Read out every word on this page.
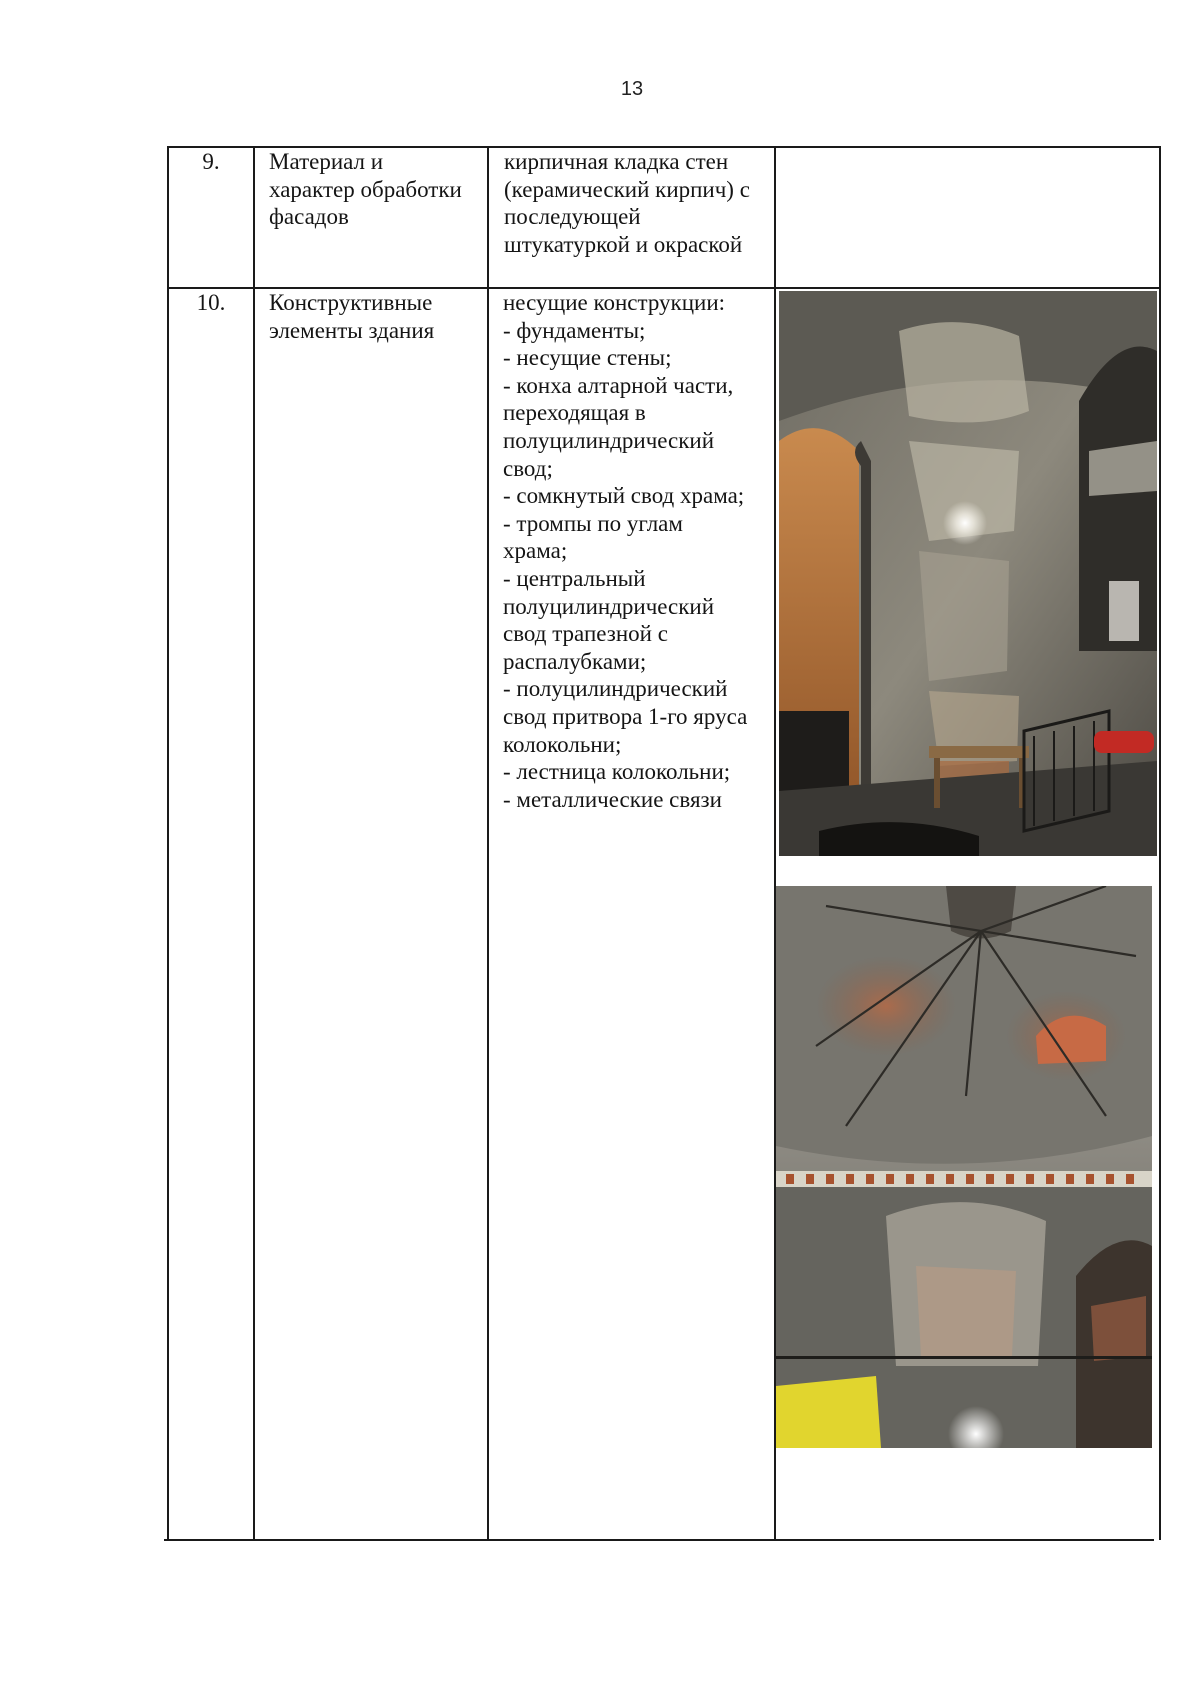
13
9.	Материал и
характер обработки
фасадов
кирпичная кладка стен
(керамический кирпич) с
последующей
штукатуркой и окраской
10.	Конструктивные
элементы здания
несущие конструкции:
- фундаменты;
- несущие стены;
- конха алтарной части,
переходящая в
полуцилиндрический
свод;
- сомкнутый свод храма;
- тромпы по углам
храма;
- центральный
полуцилиндрический
свод трапезной с
распалубками;
- полуцилиндрический
свод притвора 1-го яруса
колокольни;
- лестница колокольни;
- металлические связи
